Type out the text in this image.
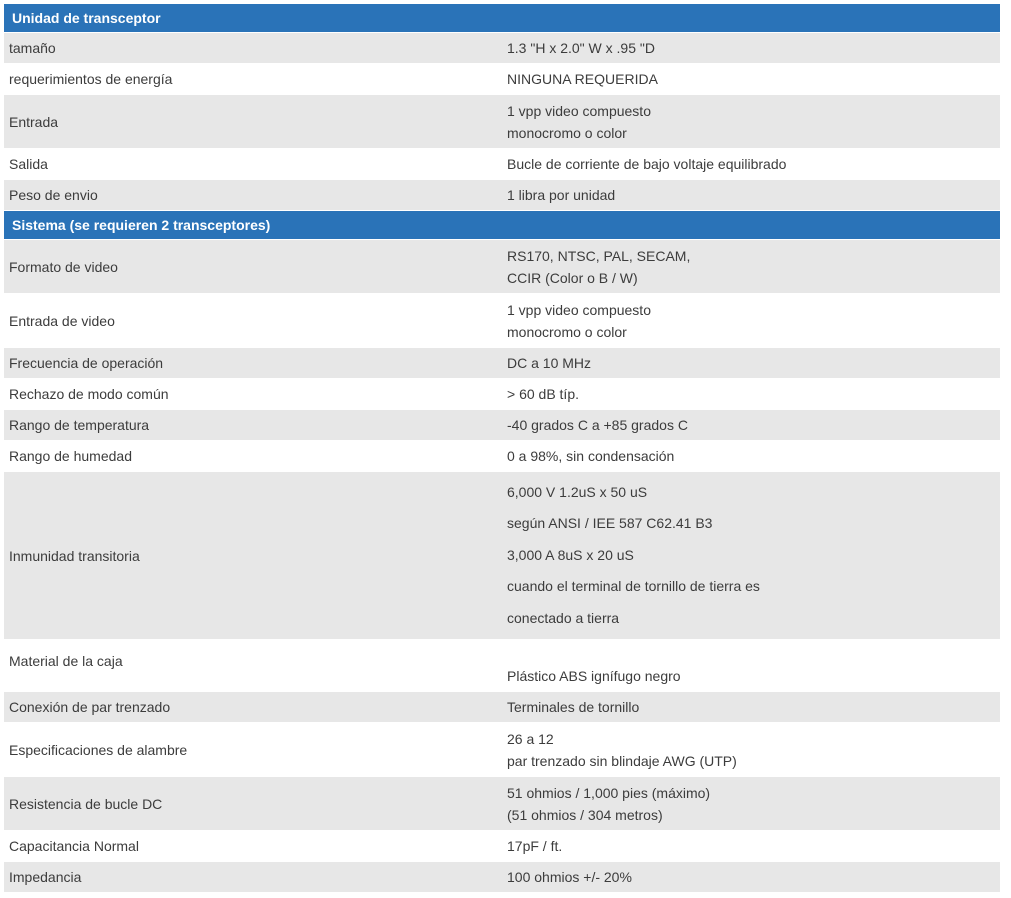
Unidad de transceptor	
tamaño	1.3 "H x 2.0" W x .95 "D
requerimientos de energía	NINGUNA REQUERIDA
Entrada	1 vpp video compuesto
monocromo o color

Salida	Bucle de corriente de bajo voltaje equilibrado
Peso de envio	1 libra por unidad
Sistema (se requieren 2 transceptores)	
Formato de video	RS170, NTSC, PAL, SECAM,
CCIR (Color o B / W)

Entrada de video	1 vpp video compuesto
monocromo o color

Frecuencia de operación	DC a 10 MHz
Rechazo de modo común	> 60 dB típ.
Rango de temperatura	-40 grados C a +85 grados C
Rango de humedad	0 a 98%, sin condensación
Inmunidad transitoria	6,000 V 1.2uS x 50 uS
según ANSI / IEE 587 C62.41 B3
3,000 A 8uS x 20 uS
cuando el terminal de tornillo de tierra es
conectado a tierra

Material de la caja	Plástico ABS ignífugo negro

Conexión de par trenzado	Terminales de tornillo
Especificaciones de alambre	26 a 12
par trenzado sin blindaje AWG (UTP)

Resistencia de bucle DC	51 ohmios / 1,000 pies (máximo)
(51 ohmios / 304 metros)

Capacitancia Normal	17pF / ft.
Impedancia	100 ohmios +/- 20%
